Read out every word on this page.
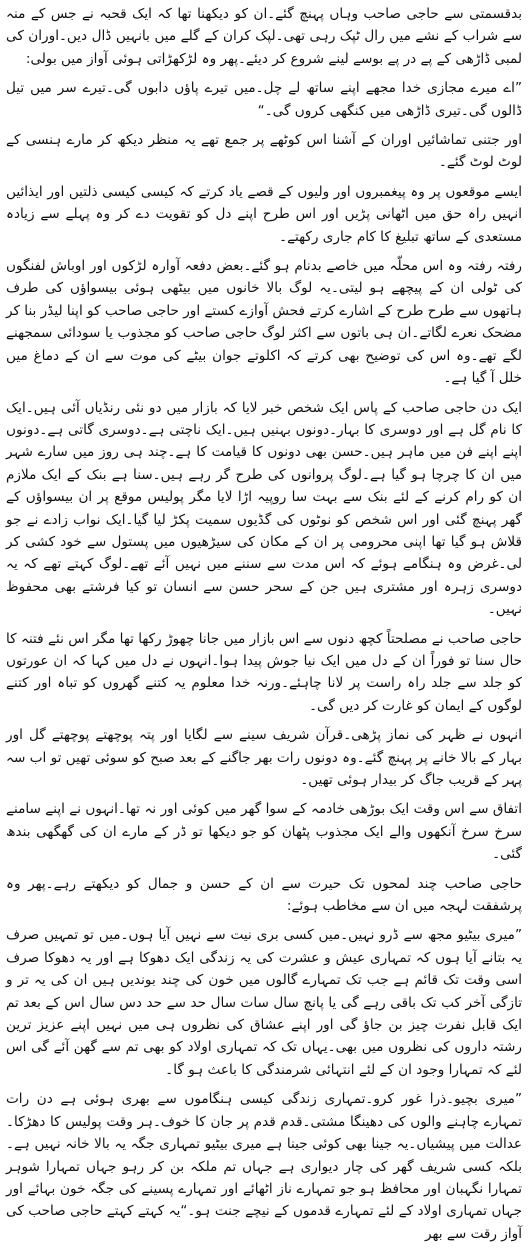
بدقسمتی سے حاجی صاحب وہاں پہنچ گئے۔ان کو دیکھنا تھا کہ ایک قحبہ نے جس کے منہ سے شراب کے نشے میں رال ٹپک رہی تھی۔لپک کران کے گلے میں بانہیں ڈال دیں۔اوران کی لمبی ڈاڑھی کے پے در پے بوسے لینے شروع کر دیئے۔پھر وہ لڑکھڑاتی ہوئی آواز میں بولی:

”اے میرے مجازی خدا مجھے اپنے ساتھ لے چل۔میں تیرے پاؤں دابوں گی۔تیرے سر میں تیل ڈالوں گی۔تیری ڈاڑھی میں کنگھی کروں گی۔“

اور جتنی تماشائیں اوران کے آشنا اس کوٹھے پر جمع تھے یہ منظر دیکھ کر مارے ہنسی کے لوٹ لوٹ گئے۔

ایسے موقعوں پر وہ پیغمبروں اور ولیوں کے قصے یاد کرتے کہ کیسی کیسی ذلتیں اور ایذائیں انہیں راہ حق میں اٹھانی پڑیں اور اس طرح اپنے دل کو تقویت دے کر وہ پہلے سے زیادہ مستعدی کے ساتھ تبلیغ کا کام جاری رکھتے۔

رفتہ رفتہ وہ اس محلّہ میں خاصے بدنام ہو گئے۔بعض دفعہ آوارہ لڑکوں اور اوباش لفنگوں کی ٹولی ان کے پیچھے ہو لیتی۔یہ لوگ بالا خانوں میں بیٹھی ہوئی بیسواؤں کی طرف ہاتھوں سے طرح طرح کے اشارے کرتے فحش آوازے کستے اور حاجی صاحب کو اپنا لیڈر بنا کر مضحک نعرے لگاتے۔ان ہی باتوں سے اکثر لوگ حاجی صاحب کو مجذوب یا سودائی سمجھنے لگے تھے۔وہ اس کی توضیح بھی کرتے کہ اکلوتے جوان بیٹے کی موت سے ان کے دماغ میں خلل آ گیا ہے۔

ایک دن حاجی صاحب کے پاس ایک شخص خبر لایا کہ بازار میں دو نئی رنڈیاں آئی ہیں۔ایک کا نام گل ہے اور دوسری کا بہار۔دونوں بہنیں ہیں۔ایک ناچتی ہے۔دوسری گاتی ہے۔دونوں اپنے اپنے فن میں ماہر ہیں۔حسن بھی دونوں کا قیامت کا ہے۔چند ہی روز میں سارے شہر میں ان کا چرچا ہو گیا ہے۔لوگ پروانوں کی طرح گر رہے ہیں۔سنا ہے بنک کے ایک ملازم ان کو رام کرنے کے لئے بنک سے بہت سا روپیہ اڑا لایا مگر پولیس موقع پر ان بیسواؤں کے گھر پہنچ گئی اور اس شخص کو نوٹوں کی گڈیوں سمیت پکڑ لیا گیا۔ایک نواب زادے نے جو قلاش ہو گیا تھا اپنی محرومی پر ان کے مکان کی سیڑھیوں میں پستول سے خود کشی کر لی۔غرض وہ ہنگامے ہوئے کہ اس مدت سے سننے میں نہیں آئے تھے۔لوگ کہتے تھے کہ یہ دوسری زہرہ اور مشتری ہیں جن کے سحر حسن سے انسان تو کیا فرشتے بھی محفوظ نہیں۔

حاجی صاحب نے مصلحتاً کچھ دنوں سے اس بازار میں جانا چھوڑ رکھا تھا مگر اس نئے فتنہ کا حال سنا تو فوراً ان کے دل میں ایک نیا جوش پیدا ہوا۔انہوں نے دل میں کہا کہ ان عورتوں کو جلد سے جلد راہ راست پر لانا چاہئے۔ورنہ خدا معلوم یہ کتنے گھروں کو تباہ اور کتنے لوگوں کے ایمان کو غارت کر دیں گی۔

انہوں نے ظہر کی نماز پڑھی۔قرآن شریف سینے سے لگایا اور پتہ پوچھتے پوچھتے گل اور بہار کے بالا خانے پر پہنچ گئے۔وہ دونوں رات بھر جاگنے کے بعد صبح کو سوئی تھیں تو اب سہ پہر کے قریب جاگ کر بیدار ہوئی تھیں۔

اتفاق سے اس وقت ایک بوڑھی خادمہ کے سوا گھر میں کوئی اور نہ تھا۔انہوں نے اپنے سامنے سرخ سرخ آنکھوں والے ایک مجذوب پٹھان کو جو دیکھا تو ڈر کے مارے ان کی گھگھی بندھ گئی۔

حاجی صاحب چند لمحوں تک حیرت سے ان کے حسن و جمال کو دیکھتے رہے۔پھر وہ پرشفقت لہجہ میں ان سے مخاطب ہوئے:

”میری بیٹیو مجھ سے ڈرو نہیں۔میں کسی بری نیت سے نہیں آیا ہوں۔میں تو تمہیں صرف یہ بتانے آیا ہوں کہ تمہاری عیش و عشرت کی یہ زندگی ایک دھوکا ہے اور یہ دھوکا صرف اسی وقت تک قائم ہے جب تک تمہارے گالوں میں خون کی چند بوندیں ہیں ان کی یہ تر و تازگی آخر کب تک باقی رہے گی یا پانچ سال سات سال حد سے حد دس سال اس کے بعد تم ایک قابل نفرت چیز بن جاؤ گی اور اپنے عشاق کی نظروں ہی میں نہیں اپنے عزیز ترین رشتہ داروں کی نظروں میں بھی۔یہاں تک کہ تمہاری اولاد کو بھی تم سے گھن آئے گی اس لئے کہ تمہارا وجود ان کے لئے انتہائی شرمندگی کا باعث ہو گا۔

”میری بچیو۔ذرا غور کرو۔تمہاری زندگی کیسی ہنگاموں سے بھری ہوئی ہے دن رات تمہارے چاہنے والوں کی دھینگا مشتی۔قدم قدم پر جان کا خوف۔ہر وقت پولیس کا دھڑکا۔عدالت میں پیشیاں۔یہ جینا بھی کوئی جینا ہے میری بیٹیو تمہاری جگہ یہ بالا خانہ نہیں ہے۔بلکہ کسی شریف گھر کی چار دیواری ہے جہاں تم ملکہ بن کر رہو جہاں تمہارا شوہر تمہارا نگہبان اور محافظ ہو جو تمہارے ناز اٹھائے اور تمہارے پسینے کی جگہ خون بہائے اور جہاں تمہاری اولاد کے لئے تمہارے قدموں کے نیچے جنت ہو۔“یہ کہتے کہتے حاجی صاحب کی آواز رقت سے بھر
